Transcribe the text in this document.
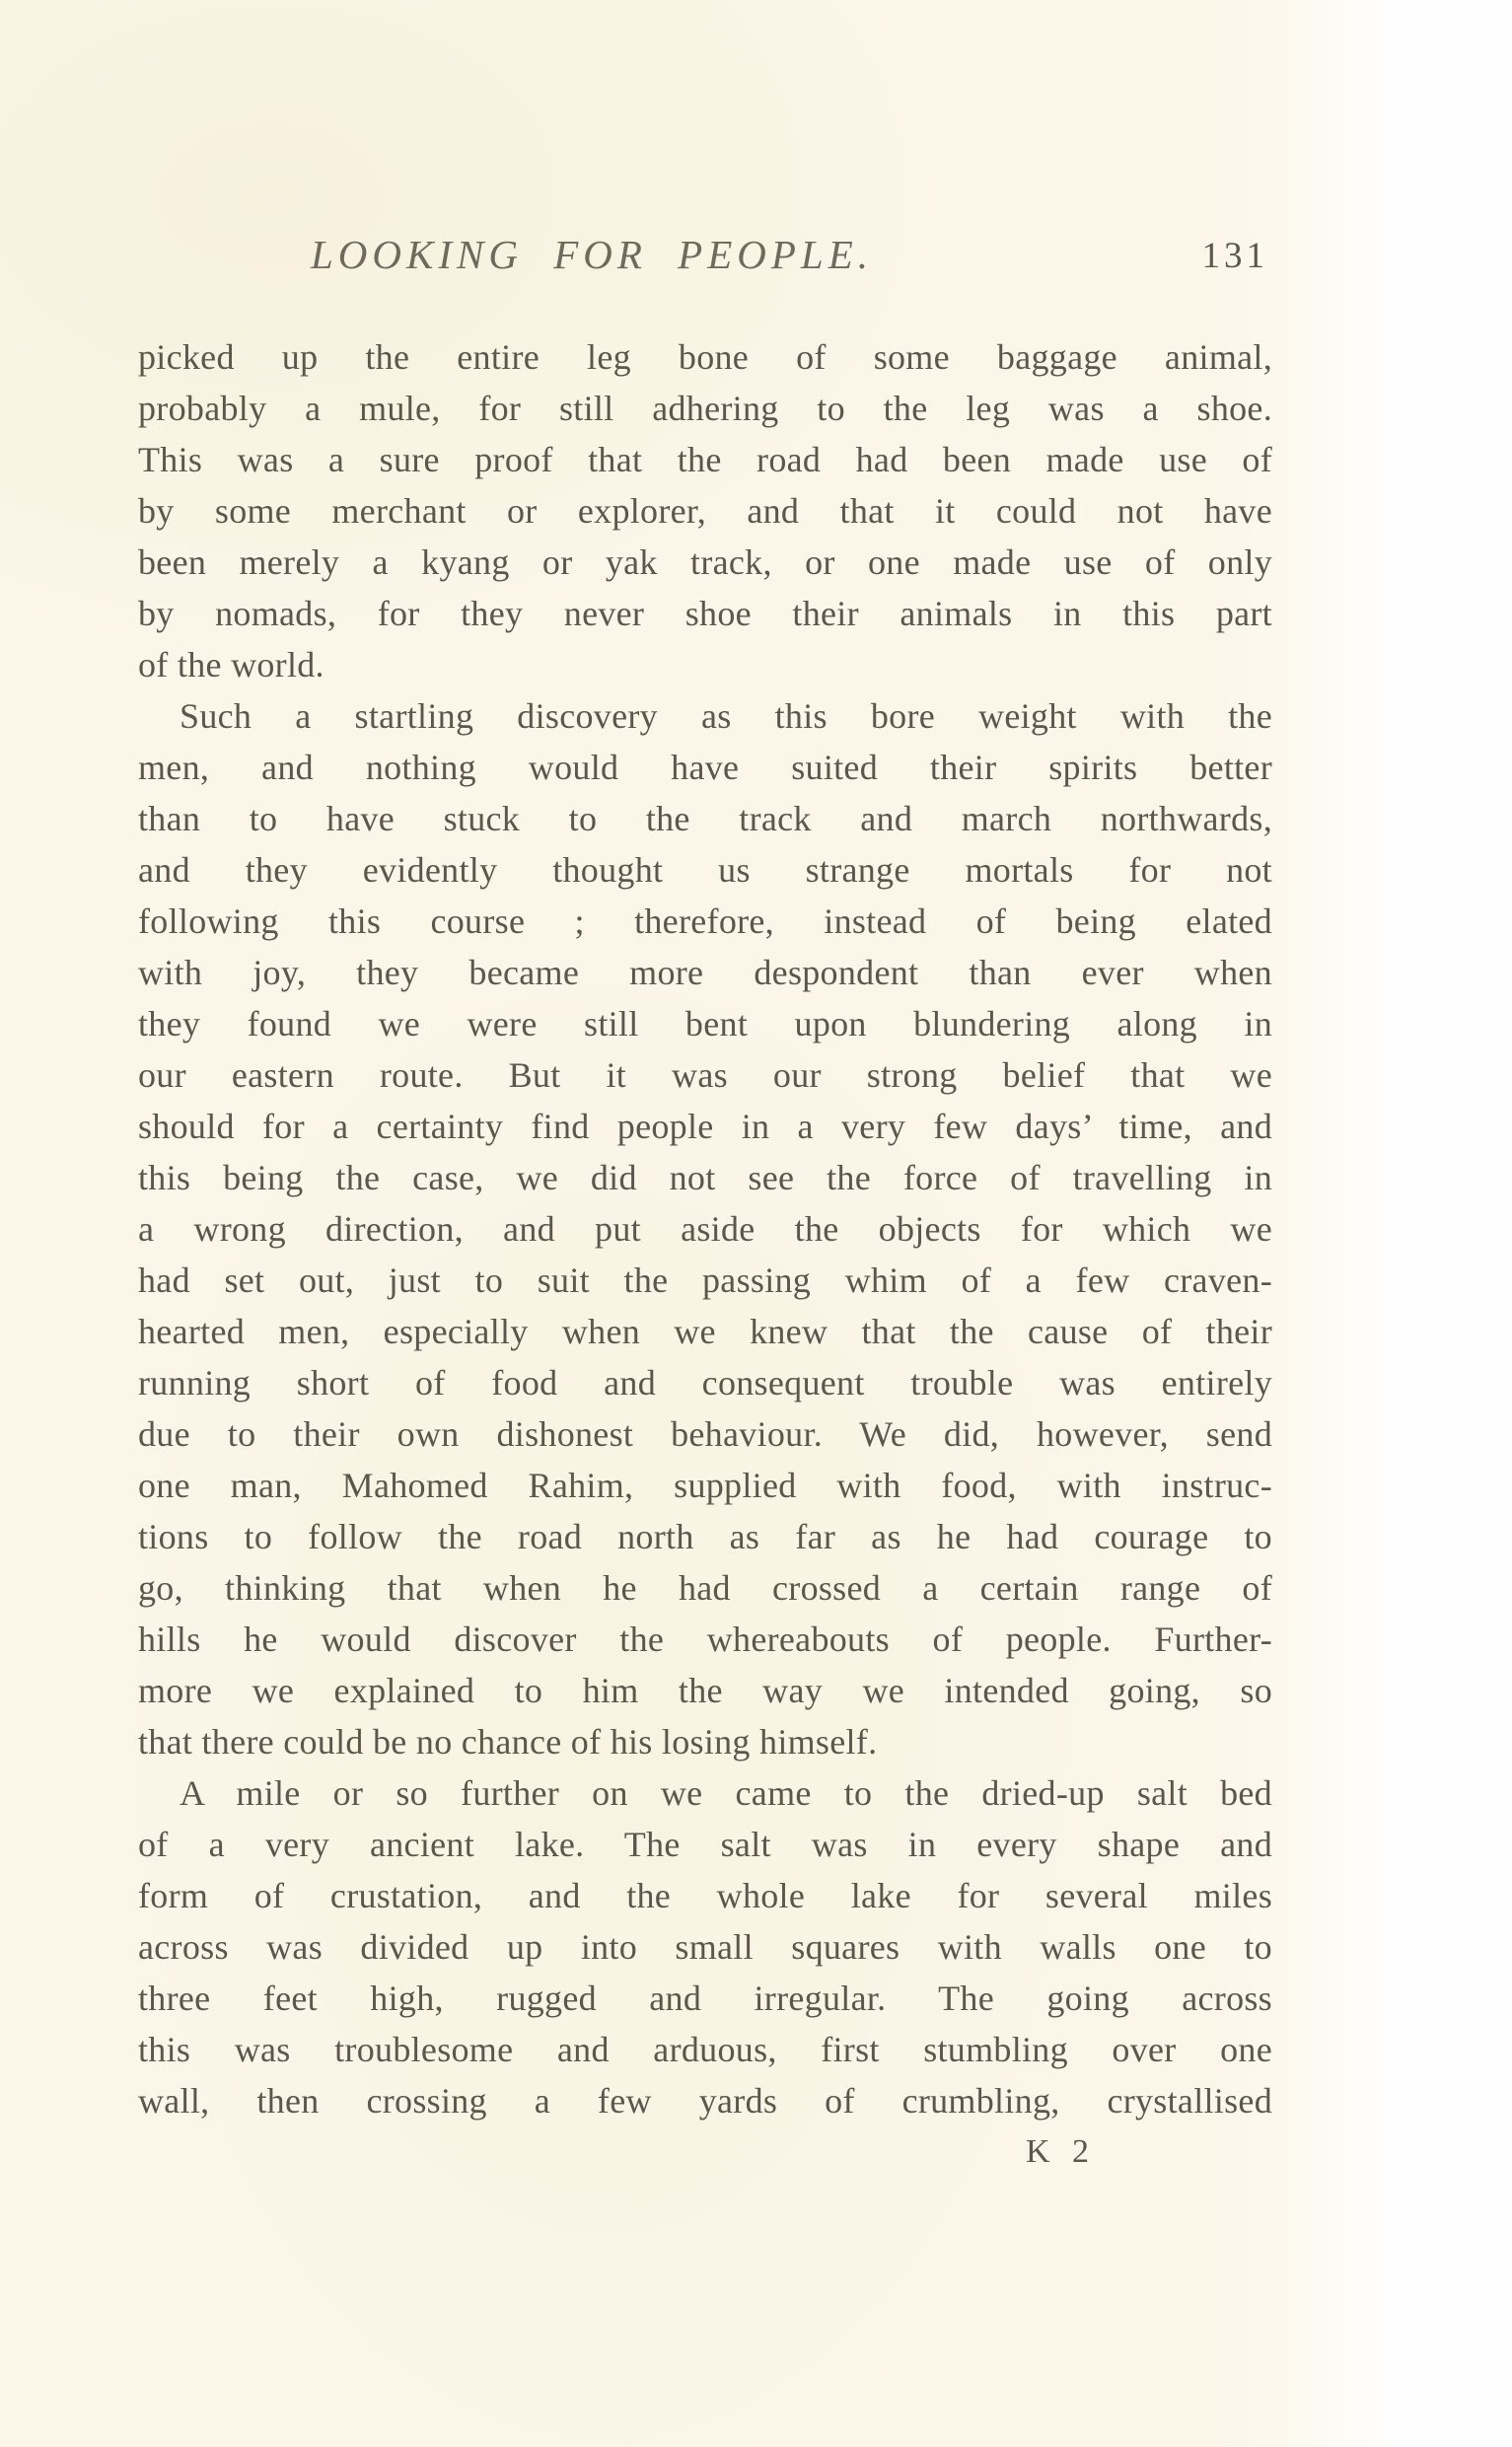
LOOKING FOR PEOPLE.	131
picked up the entire leg bone of some baggage animal,
probably a mule, for still adhering to the leg was a shoe.
This was a sure proof that the road had been made use of
by some merchant or explorer, and that it could not have
been merely a kyang or yak track, or one made use of only
by nomads, for they never shoe their animals in this part
of the world.
Such a startling discovery as this bore weight with the
men, and nothing would have suited their spirits better
than to have stuck to the track and march northwards,
and they evidently thought us strange mortals for not
following this course ; therefore, instead of being elated
with joy, they became more despondent than ever when
they found we were still bent upon blundering along in
our eastern route. But it was our strong belief that we
should for a certainty find people in a very few days’ time, and
this being the case, we did not see the force of travelling in
a wrong direction, and put aside the objects for which we
had set out, just to suit the passing whim of a few craven-
hearted men, especially when we knew that the cause of their
running short of food and consequent trouble was entirely
due to their own dishonest behaviour. We did, however, send
one man, Mahomed Rahim, supplied with food, with instruc-
tions to follow the road north as far as he had courage to
go, thinking that when he had crossed a certain range of
hills he would discover the whereabouts of people. Further-
more we explained to him the way we intended going, so
that there could be no chance of his losing himself.
A mile or so further on we came to the dried-up salt bed
of a very ancient lake. The salt was in every shape and
form of crustation, and the whole lake for several miles
across was divided up into small squares with walls one to
three feet high, rugged and irregular. The going across
this was troublesome and arduous, first stumbling over one
wall, then crossing a few yards of crumbling, crystallised
K 2
